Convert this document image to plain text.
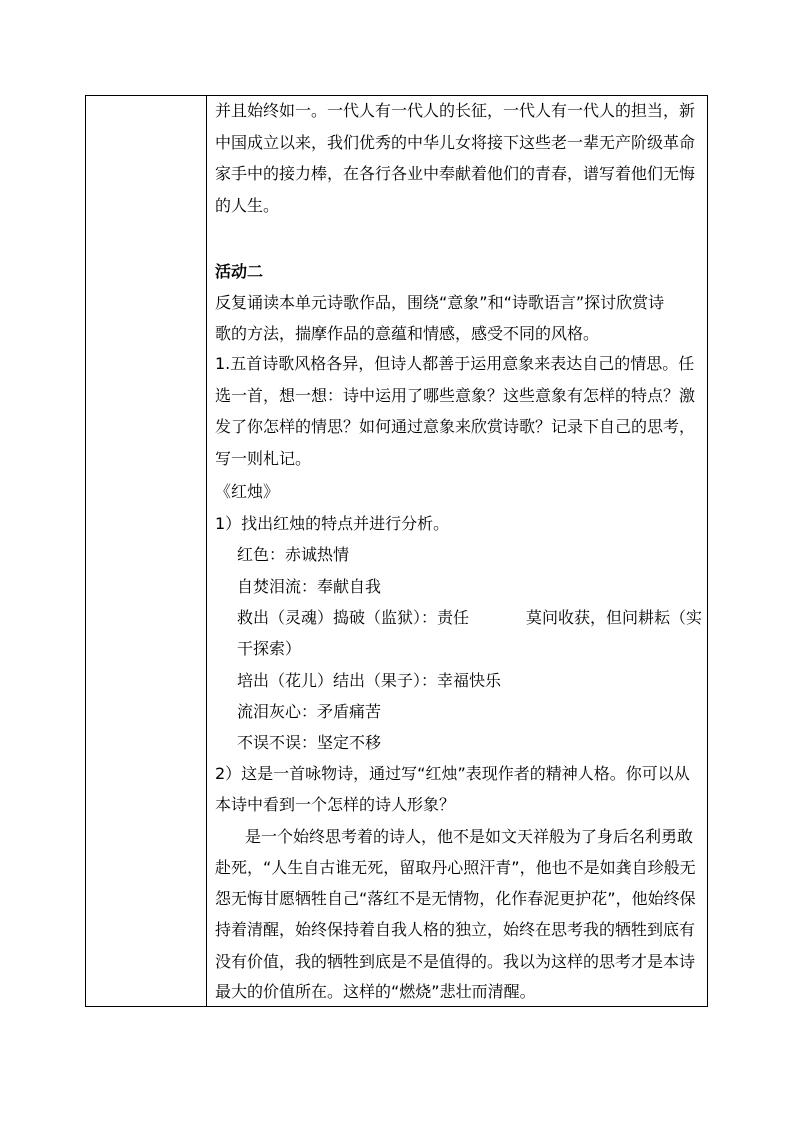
并且始终如一。一代人有一代人的长征，一代人有一代人的担当，新
中国成立以来，我们优秀的中华儿女将接下这些老一辈无产阶级革命
家手中的接力棒，在各行各业中奉献着他们的青春，谱写着他们无悔
的人生。
活动二
反复诵读本单元诗歌作品，围绕“意象”和“诗歌语言”探讨欣赏诗
歌的方法，揣摩作品的意蕴和情感，感受不同的风格。
1.五首诗歌风格各异，但诗人都善于运用意象来表达自己的情思。任
选一首，想一想：诗中运用了哪些意象？这些意象有怎样的特点？激
发了你怎样的情思？如何通过意象来欣赏诗歌？记录下自己的思考，
写一则札记。
《红烛》
1）找出红烛的特点并进行分析。
红色：赤诚热情
自焚泪流：奉献自我
救出（灵魂）捣破（监狱）：责任	莫问收获，但问耕耘（实
干探索）
培出（花儿）结出（果子）：幸福快乐
流泪灰心：矛盾痛苦
不误不误：坚定不移
2）这是一首咏物诗，通过写“红烛”表现作者的精神人格。你可以从
本诗中看到一个怎样的诗人形象？
是一个始终思考着的诗人，他不是如文天祥般为了身后名利勇敢
赴死，“人生自古谁无死，留取丹心照汗青”，他也不是如龚自珍般无
怨无悔甘愿牺牲自己“落红不是无情物，化作春泥更护花”，他始终保
持着清醒，始终保持着自我人格的独立，始终在思考我的牺牲到底有
没有价值，我的牺牲到底是不是值得的。我以为这样的思考才是本诗
最大的价值所在。这样的“燃烧”悲壮而清醒。
